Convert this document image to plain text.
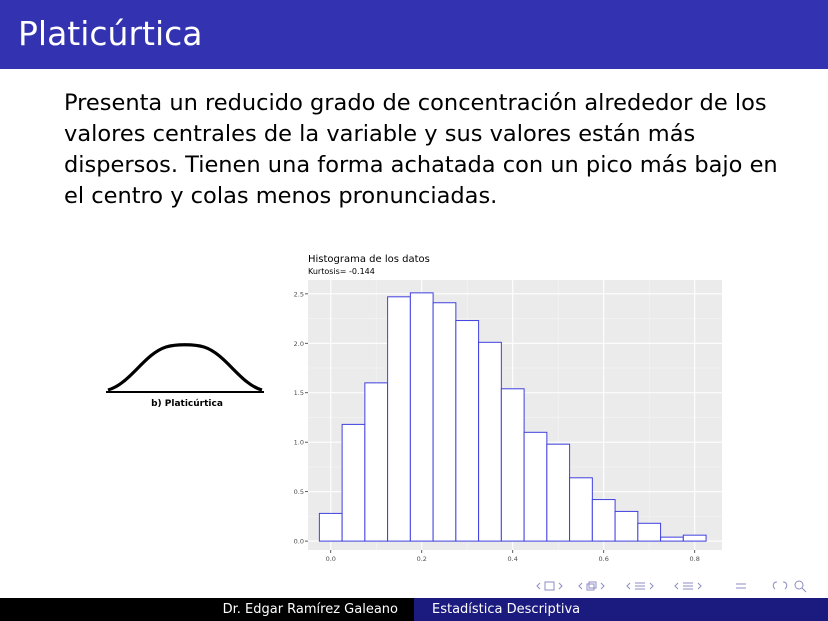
Platicúrtica

Presenta un reducido grado de concentración alrededor de los valores centrales de la variable y sus valores están más dispersos. Tienen una forma achatada con un pico más bajo en el centro y colas menos pronunciadas.

b) Platicúrtica
Histograma de los datos
Kurtosis= -0.144
0.0
0.5
1.0
1.5
2.0
2.5
0.0	0.2	0.4	0.6	0.8
Dr. Edgar Ramírez Galeano	Estadística Descriptiva
